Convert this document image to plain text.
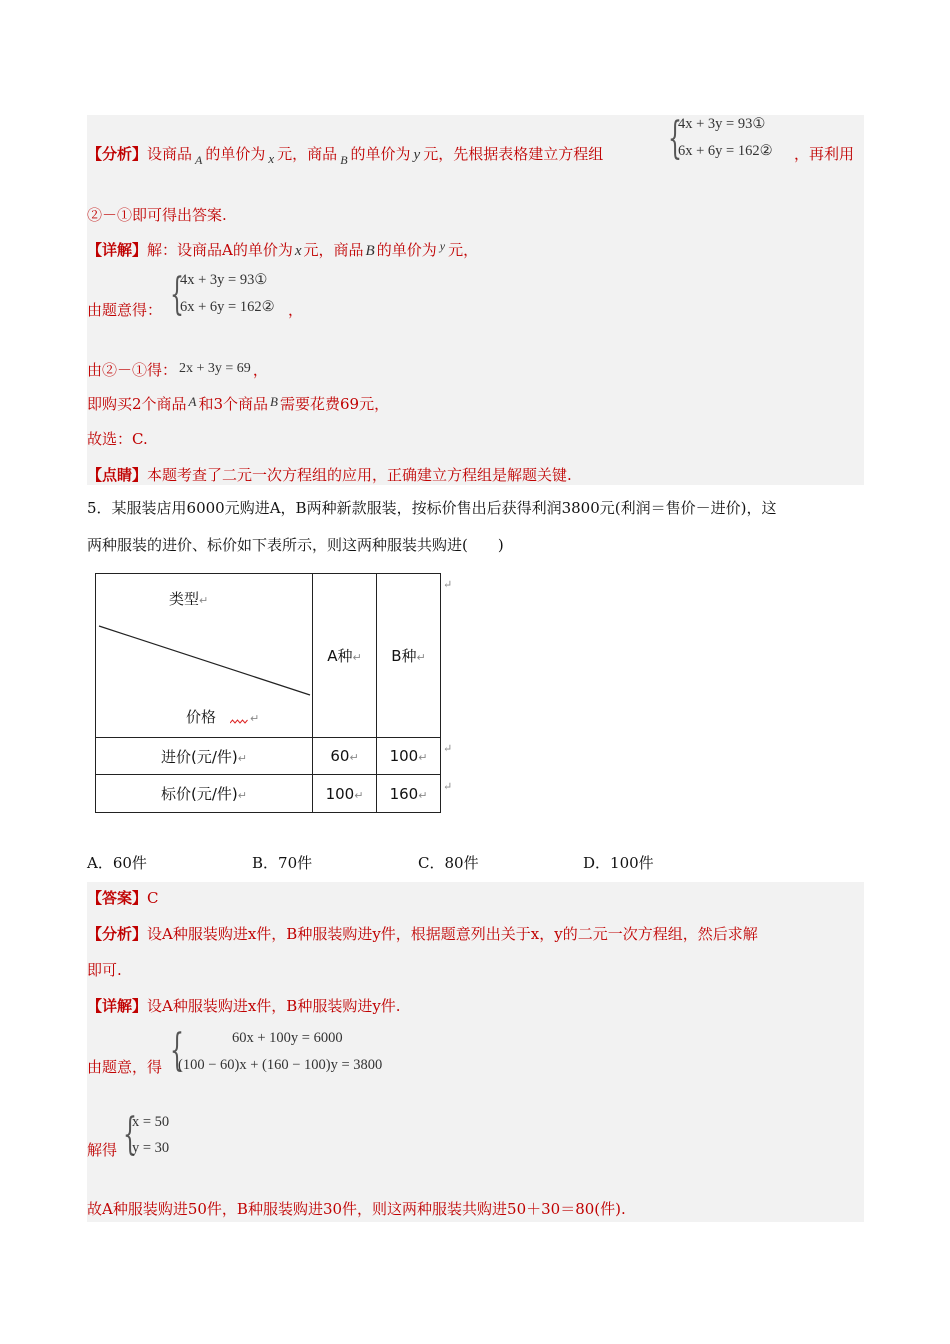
【分析】设商品 $_A$ 的单价为 x 元，商品 $_B$ 的单价为 y 元，先根据表格建立方程组 {
4x + 3y = 93①
6x + 6y = 162② ，再利用
②－①即可得出答案.
【详解】解：设商品A的单价为 x 元，商品 B 的单价为 $^y$ 元，
由题意得： {
4x + 3y = 93①
6x + 6y = 162② ，
由②－①得： 2x + 3y = 69 ，
即购买2个商品 A 和3个商品 B 需要花费69元，
故选：C.
【点睛】本题考查了二元一次方程组的应用，正确建立方程组是解题关键.
5．某服装店用6000元购进A，B两种新款服装，按标价售出后获得利润3800元(利润＝售价－进价)，这
两种服装的进价、标价如下表所示，则这两种服装共购进(　　)
类型↵
价格 ↵	A种↵	B种↵
进价(元/件)↵	60↵	100↵
标价(元/件)↵	100↵	160↵
↵
↵
↵
A．60件	B．70件	C．80件	D．100件
【答案】C
【分析】设A种服装购进x件，B种服装购进y件，根据题意列出关于x，y的二元一次方程组，然后求解
即可.
【详解】设A种服装购进x件，B种服装购进y件.
由题意，得 {	60x + 100y = 6000
(100 − 60)x + (160 − 100)y = 3800
解得 {
x = 50
y = 30
故A种服装购进50件，B种服装购进30件，则这两种服装共购进50＋30＝80(件).
